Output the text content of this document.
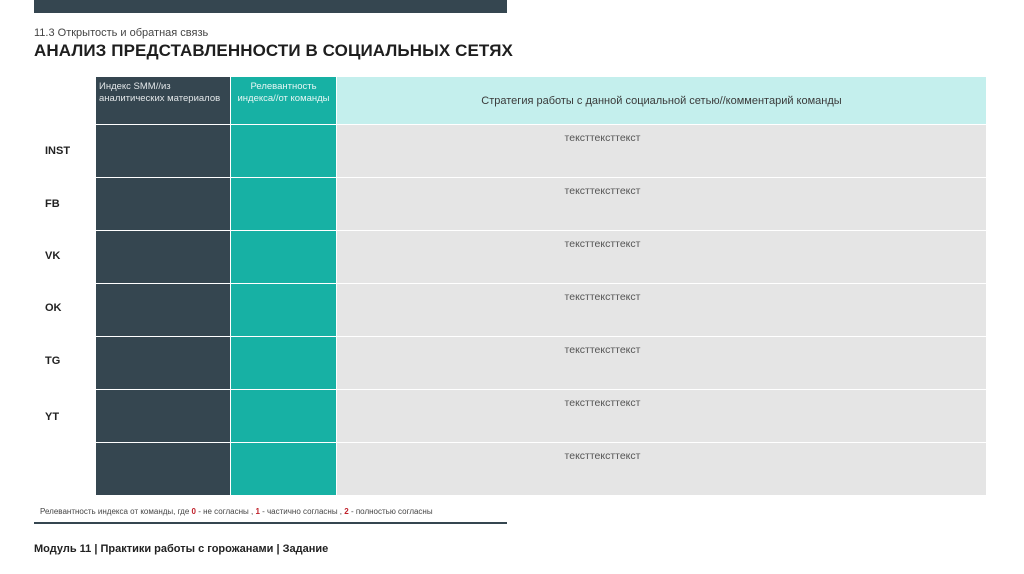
11.3 Открытость и обратная связь
АНАЛИЗ ПРЕДСТАВЛЕННОСТИ В СОЦИАЛЬНЫХ СЕТЯХ
INST
FB
VK
OK
TG
YT
Индекс SMM//из аналитических материалов
Релевантность индекса//от команды	Стратегия работы с данной социальной сетью//комментарий команды
тексттексттекст
тексттексттекст
тексттексттекст
тексттексттекст
тексттексттекст
тексттексттекст
тексттексттекст
Релевантность индекса от команды, где 0 - не согласны , 1 - частично согласны , 2 - полностью согласны
Модуль 11 | Практики работы с горожанами | Задание
